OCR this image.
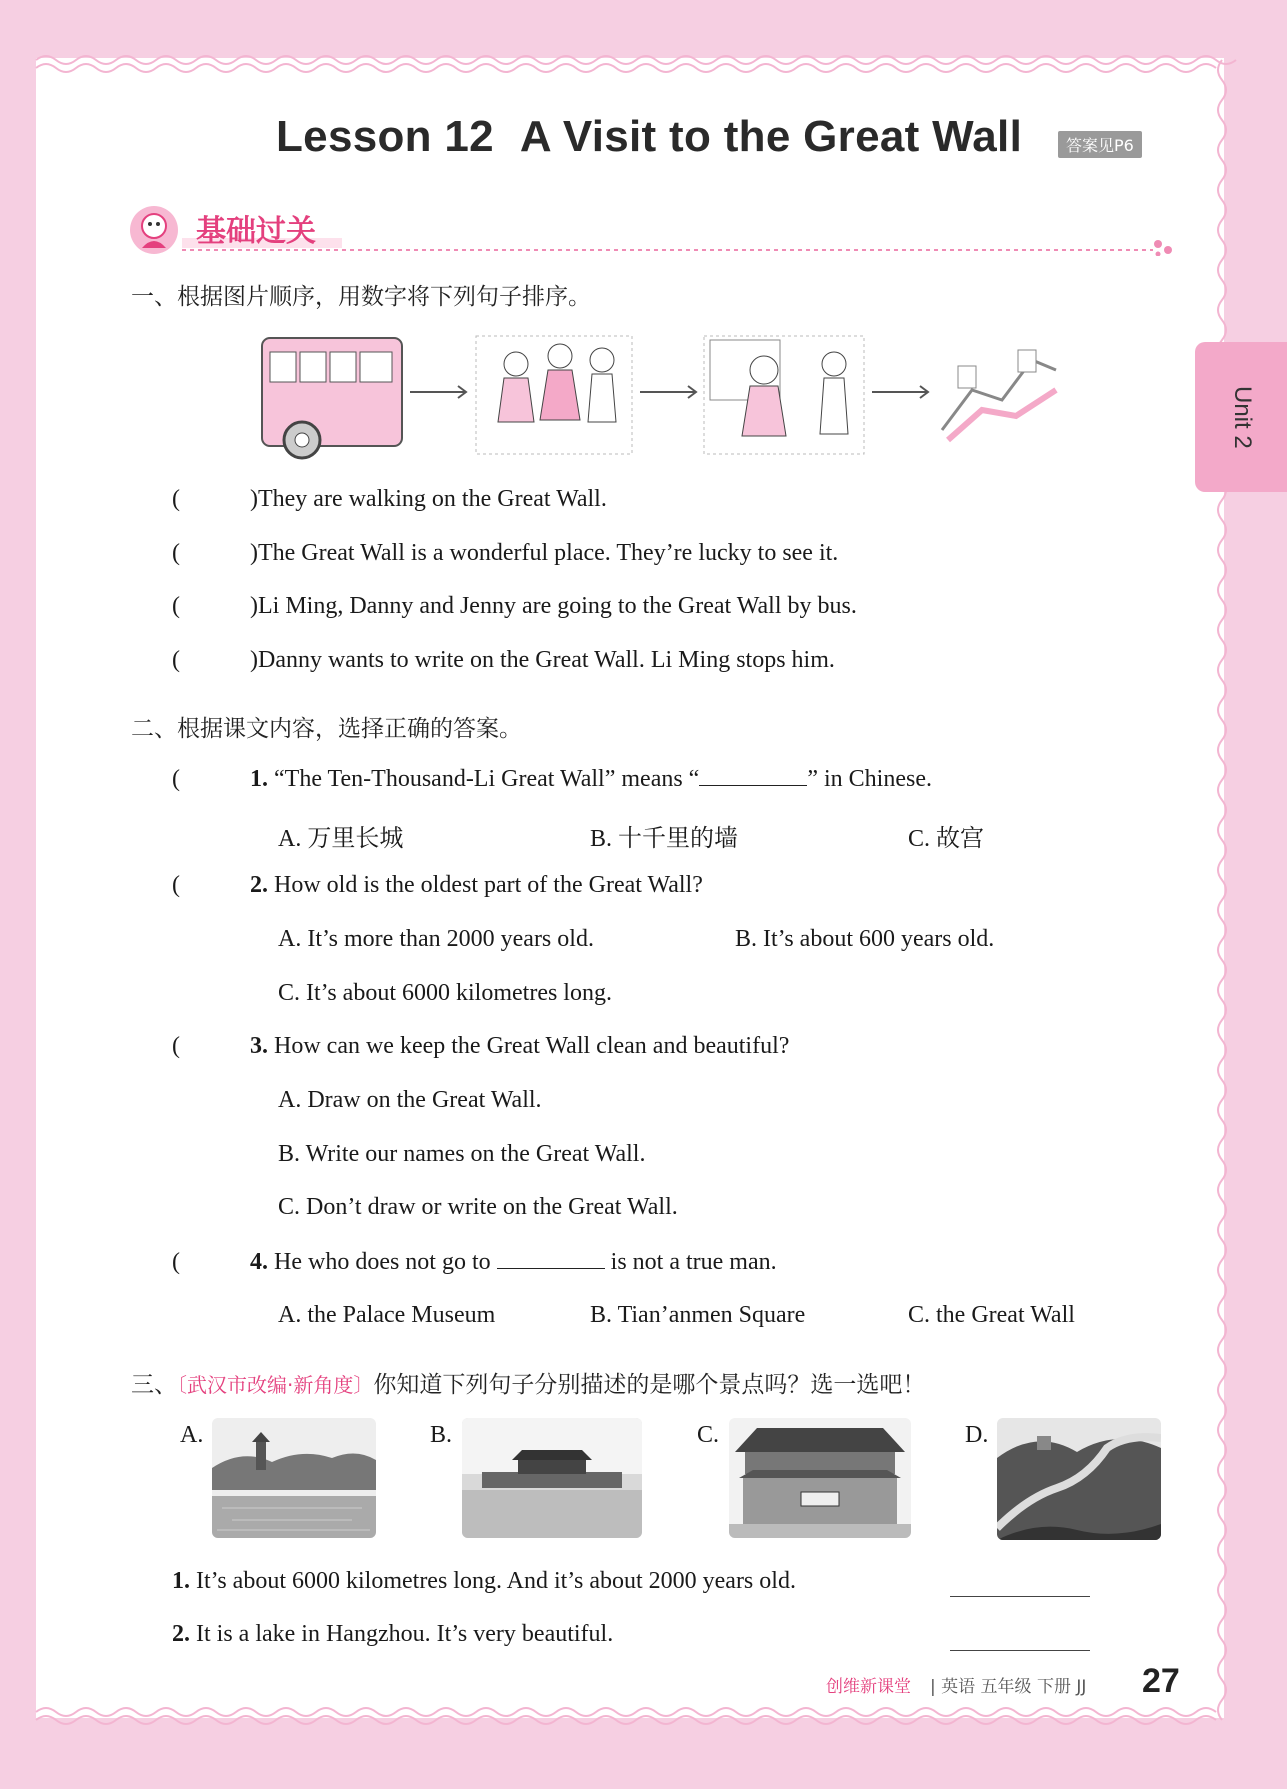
Lesson 12 A Visit to the Great Wall	答案见P6
Unit 2
基础过关
一、根据图片顺序，用数字将下列句子排序。
(	)They are walking on the Great Wall.
(	)The Great Wall is a wonderful place. They’re lucky to see it.
(	)Li Ming, Danny and Jenny are going to the Great Wall by bus.
(	)Danny wants to write on the Great Wall. Li Ming stops him.
二、根据课文内容，选择正确的答案。
(	1. “The Ten-Thousand-Li Great Wall” means “	” in Chinese.
A. 万里长城	B. 十千里的墙	C. 故宫
(	2. How old is the oldest part of the Great Wall?
A. It’s more than 2000 years old.	B. It’s about 600 years old.
C. It’s about 6000 kilometres long.
(	3. How can we keep the Great Wall clean and beautiful?
A. Draw on the Great Wall.
B. Write our names on the Great Wall.
C. Don’t draw or write on the Great Wall.
(	4. He who does not go to	is not a true man.
A. the Palace Museum	B. Tian’anmen Square	C. the Great Wall
三、〔武汉市改编·新角度〕你知道下列句子分别描述的是哪个景点吗？选一选吧！
A.	B.	C.	D.
1. It’s about 6000 kilometres long. And it’s about 2000 years old.
2. It is a lake in Hangzhou. It’s very beautiful.
创维新课堂 | 英语 五年级 下册 JJ 27
